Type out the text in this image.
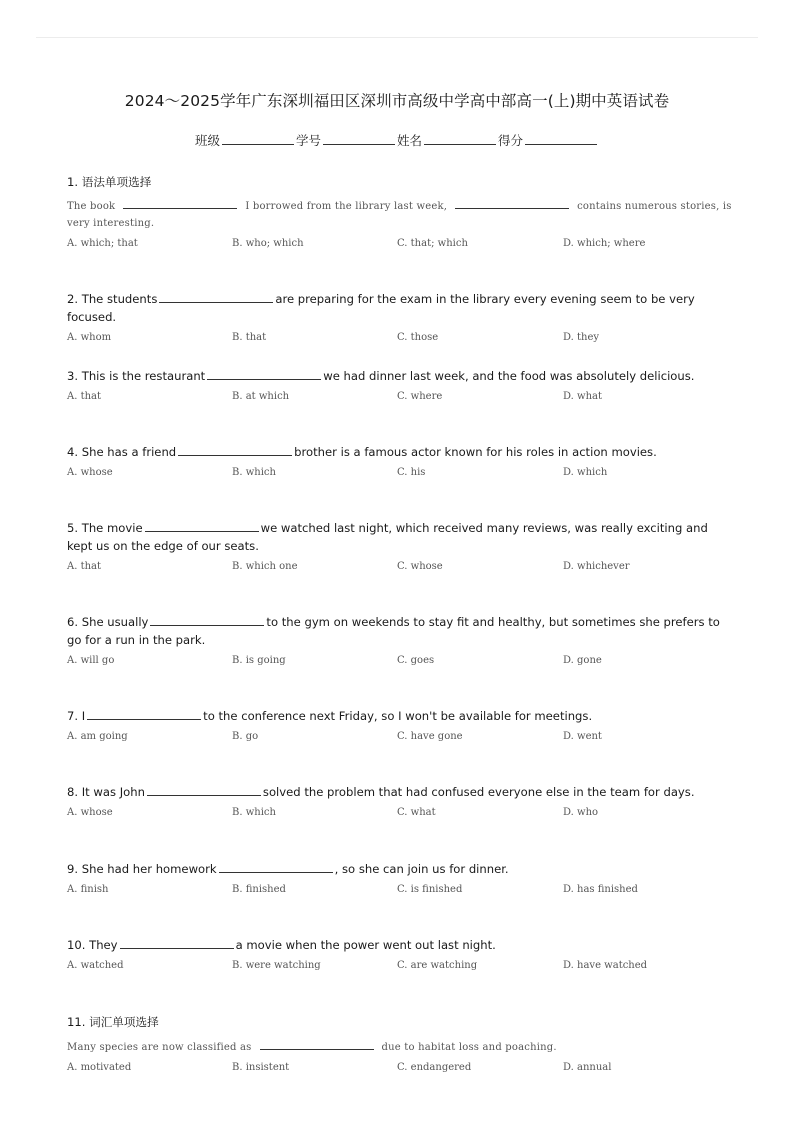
2024～2025学年广东深圳福田区深圳市高级中学高中部高一(上)期中英语试卷
班级	学号	姓名	得分
1. 语法单项选择
The book	I borrowed from the library last week,	contains numerous stories, is very interesting.
A. which; that	B. who; which	C. that; which	D. which; where
2. The students	are preparing for the exam in the library every evening seem to be very focused.
A. whom	B. that	C. those	D. they
3. This is the restaurant	we had dinner last week, and the food was absolutely delicious.
A. that	B. at which	C. where	D. what
4. She has a friend	brother is a famous actor known for his roles in action movies.
A. whose	B. which	C. his	D. which
5. The movie	we watched last night, which received many reviews, was really exciting and kept us on the edge of our seats.
A. that	B. which one	C. whose	D. whichever
6. She usually	to the gym on weekends to stay fit and healthy, but sometimes she prefers to go for a run in the park.
A. will go	B. is going	C. goes	D. gone
7. I	to the conference next Friday, so I won't be available for meetings.
A. am going	B. go	C. have gone	D. went
8. It was John	solved the problem that had confused everyone else in the team for days.
A. whose	B. which	C. what	D. who
9. She had her homework	, so she can join us for dinner.
A. finish	B. finished	C. is finished	D. has finished
10. They	a movie when the power went out last night.
A. watched	B. were watching	C. are watching	D. have watched
11. 词汇单项选择
Many species are now classified as	due to habitat loss and poaching.
A. motivated	B. insistent	C. endangered	D. annual
